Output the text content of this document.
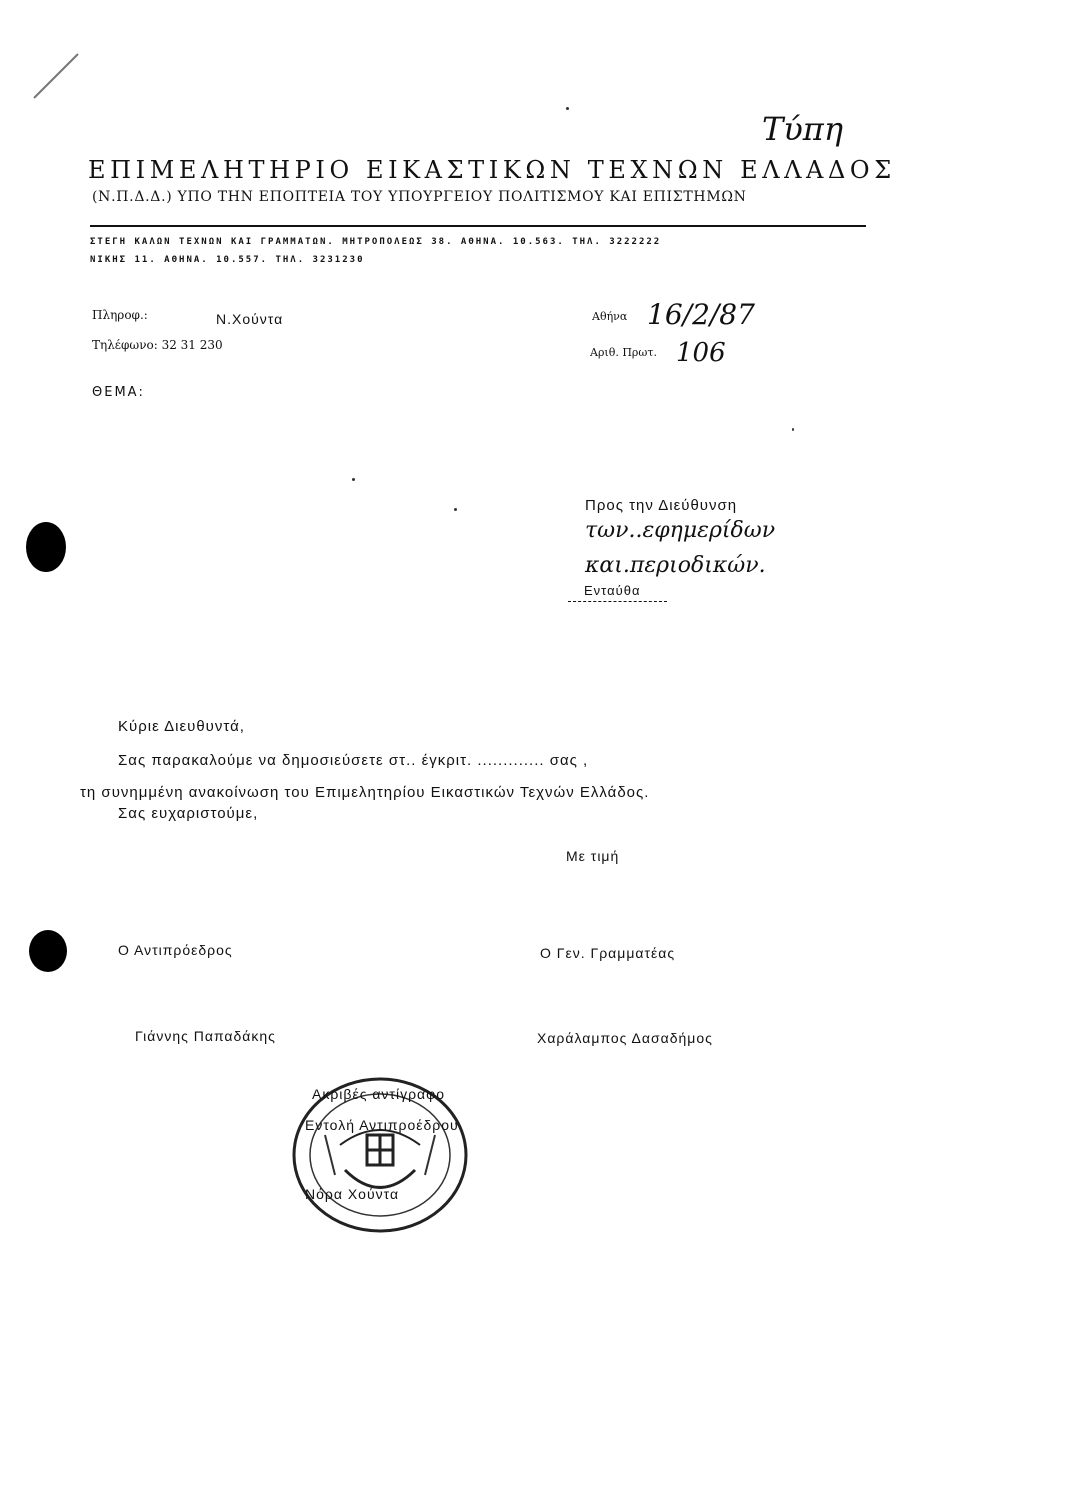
Τύπη
ΕΠΙΜΕΛΗΤΗΡΙΟ ΕΙΚΑΣΤΙΚΩΝ ΤΕΧΝΩΝ ΕΛΛΑΔΟΣ
(Ν.Π.Δ.Δ.) ΥΠΟ ΤΗΝ ΕΠΟΠΤΕΙΑ ΤΟΥ ΥΠΟΥΡΓΕΙΟΥ ΠΟΛΙΤΙΣΜΟΥ ΚΑΙ ΕΠΙΣΤΗΜΩΝ
ΣΤΕΓΗ ΚΑΛΩΝ ΤΕΧΝΩΝ ΚΑΙ ΓΡΑΜΜΑΤΩΝ. ΜΗΤΡΟΠΟΛΕΩΣ 38. ΑΘΗΝΑ. 10.563. ΤΗΛ. 3222222
ΝΙΚΗΣ 11. ΑΘΗΝΑ. 10.557. ΤΗΛ. 3231230
Πληροφ.:	Ν.Χούντα
Τηλέφωνο: 32 31 230
Αθήνα 16/2/87
Αριθ. Πρωτ. 106
ΘΕΜΑ:
Προς την Διεύθυνση
των..εφημερίδων
και.περιοδικών.
Ενταύθα
Κύριε Διευθυντά,
Σας παρακαλούμε να δημοσιεύσετε στ.. έγκριτ. ............. σας ,
τη συνημμένη ανακοίνωση του Επιμελητηρίου Εικαστικών Τεχνών Ελλάδος.
Σας ευχαριστούμε,
Με τιμή
Ο Αντιπρόεδρος	Ο Γεν. Γραμματέας
Γιάννης Παπαδάκης	Χαράλαμπος Δασαδήμος
Ακριβές αντίγραφο
Εντολή Αντιπροέδρου
Νόρα Χούντα
